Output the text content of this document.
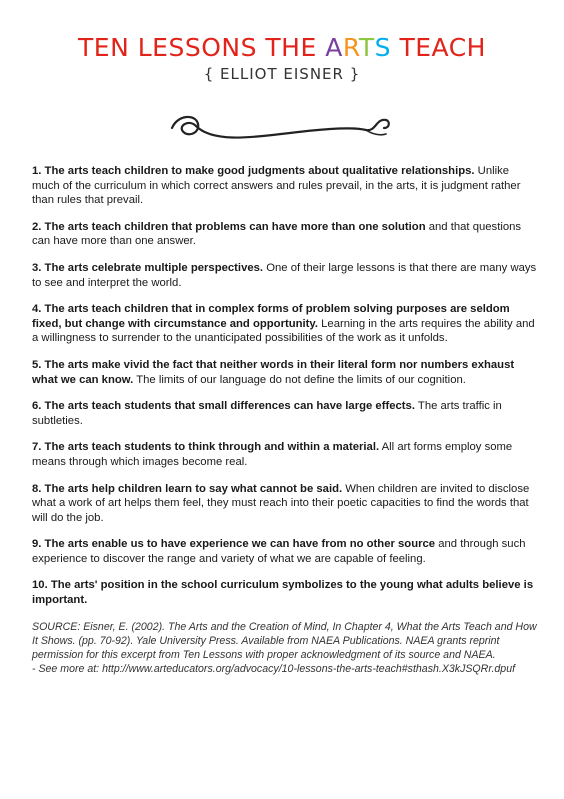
TEN LESSONS THE ARTS TEACH
{ ELLIOT EISNER }
1. The arts teach children to make good judgments about qualitative relationships. Unlike much of the curriculum in which correct answers and rules prevail, in the arts, it is judgment rather than rules that prevail.
2. The arts teach children that problems can have more than one solution and that questions can have more than one answer.
3. The arts celebrate multiple perspectives. One of their large lessons is that there are many ways to see and interpret the world.
4. The arts teach children that in complex forms of problem solving purposes are seldom fixed, but change with circumstance and opportunity. Learning in the arts requires the ability and a willingness to surrender to the unanticipated possibilities of the work as it unfolds.
5. The arts make vivid the fact that neither words in their literal form nor numbers exhaust what we can know. The limits of our language do not define the limits of our cognition.
6. The arts teach students that small differences can have large effects. The arts traffic in subtleties.
7. The arts teach students to think through and within a material. All art forms employ some means through which images become real.
8. The arts help children learn to say what cannot be said. When children are invited to disclose what a work of art helps them feel, they must reach into their poetic capacities to find the words that will do the job.
9. The arts enable us to have experience we can have from no other source and through such experience to discover the range and variety of what we are capable of feeling.
10. The arts' position in the school curriculum symbolizes to the young what adults believe is important.
SOURCE: Eisner, E. (2002). The Arts and the Creation of Mind, In Chapter 4, What the Arts Teach and How It Shows. (pp. 70-92). Yale University Press. Available from NAEA Publications. NAEA grants reprint permission for this excerpt from Ten Lessons with proper acknowledgment of its source and NAEA.
- See more at: http://www.arteducators.org/advocacy/10-lessons-the-arts-teach#sthash.X3kJSQRr.dpuf
